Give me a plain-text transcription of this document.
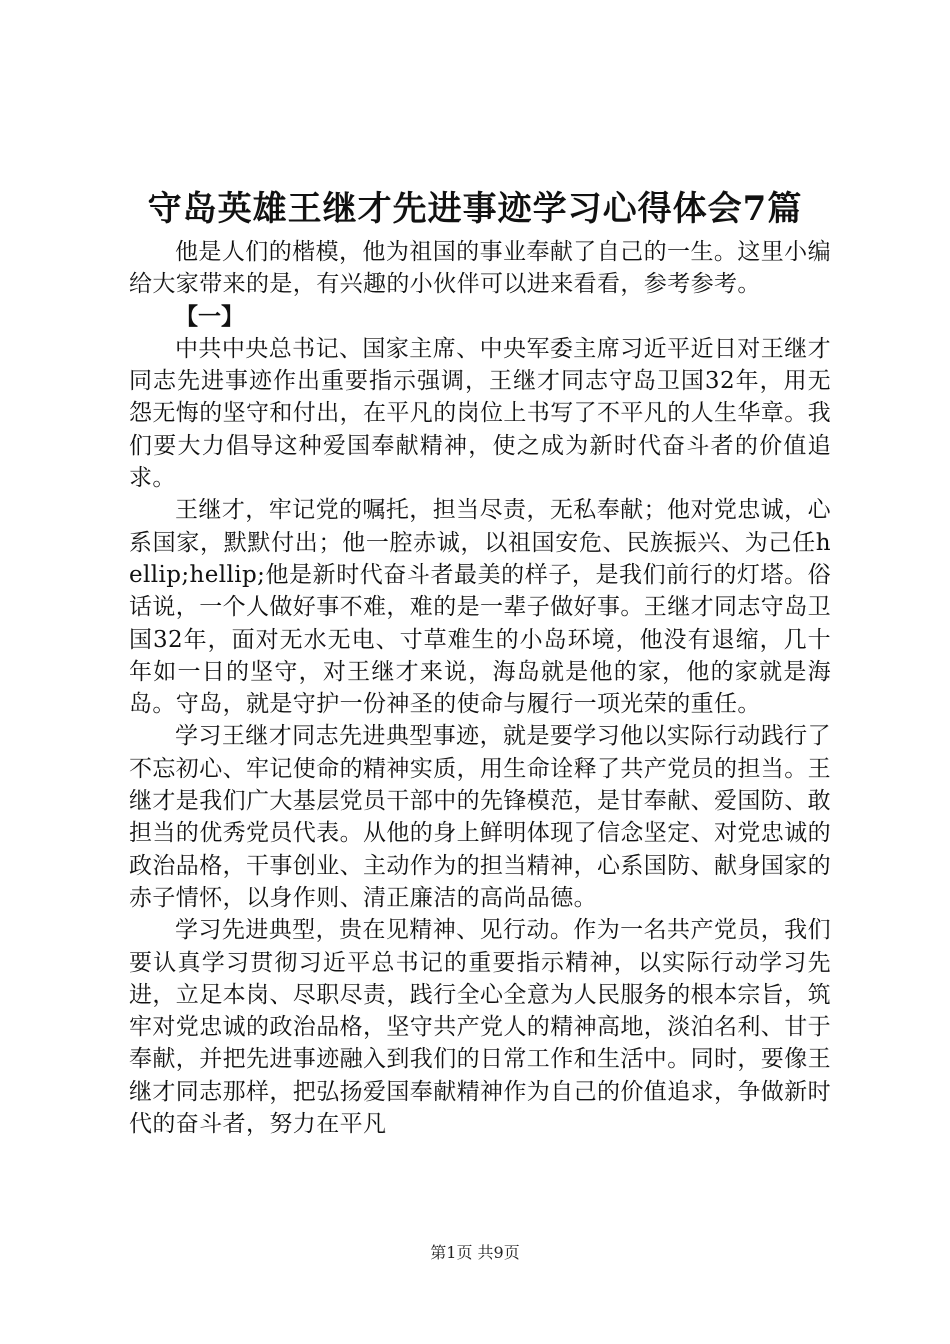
守岛英雄王继才先进事迹学习心得体会7篇

他是人们的楷模，他为祖国的事业奉献了自己的一生。这里小编给大家带来的是，有兴趣的小伙伴可以进来看看，参考参考。

【一】

中共中央总书记、国家主席、中央军委主席习近平近日对王继才同志先进事迹作出重要指示强调，王继才同志守岛卫国32年，用无怨无悔的坚守和付出，在平凡的岗位上书写了不平凡的人生华章。我们要大力倡导这种爱国奉献精神，使之成为新时代奋斗者的价值追求。

王继才，牢记党的嘱托，担当尽责，无私奉献；他对党忠诚，心系国家，默默付出；他一腔赤诚，以祖国安危、民族振兴、为己任hellip;hellip;他是新时代奋斗者最美的样子，是我们前行的灯塔。俗话说，一个人做好事不难，难的是一辈子做好事。王继才同志守岛卫国32年，面对无水无电、寸草难生的小岛环境，他没有退缩，几十年如一日的坚守，对王继才来说，海岛就是他的家，他的家就是海岛。守岛，就是守护一份神圣的使命与履行一项光荣的重任。

学习王继才同志先进典型事迹，就是要学习他以实际行动践行了不忘初心、牢记使命的精神实质，用生命诠释了共产党员的担当。王继才是我们广大基层党员干部中的先锋模范，是甘奉献、爱国防、敢担当的优秀党员代表。从他的身上鲜明体现了信念坚定、对党忠诚的政治品格，干事创业、主动作为的担当精神，心系国防、献身国家的赤子情怀，以身作则、清正廉洁的高尚品德。

学习先进典型，贵在见精神、见行动。作为一名共产党员，我们要认真学习贯彻习近平总书记的重要指示精神，以实际行动学习先进，立足本岗、尽职尽责，践行全心全意为人民服务的根本宗旨，筑牢对党忠诚的政治品格，坚守共产党人的精神高地，淡泊名利、甘于奉献，并把先进事迹融入到我们的日常工作和生活中。同时，要像王继才同志那样，把弘扬爱国奉献精神作为自己的价值追求，争做新时代的奋斗者，努力在平凡

第1页 共9页
